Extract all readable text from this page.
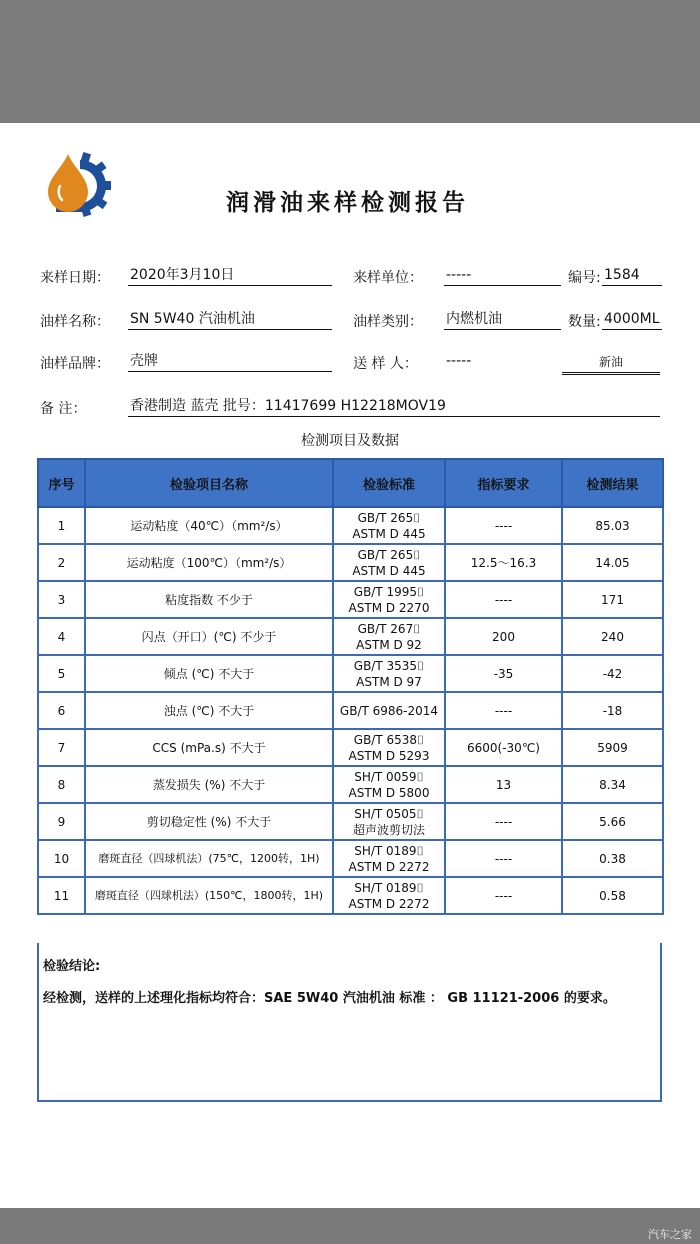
汽车之家
润滑油来样检测报告
来样日期： 2020年3月10日	来样单位： -----	编号: 1584
油样名称： SN 5W40 汽油机油	油样类别： 内燃机油	数量: 4000ML
油样品牌： 壳牌	送 样 人： -----	新油
备 注：	香港制造 蓝壳 批号：11417699 H12218MOV19
检测项目及数据
序号	检验项目名称	检验标准	指标要求	检测结果
1	运动粘度（40℃）（mm²/s）	GB/T 265⌷
ASTM D 445	----	85.03
2	运动粘度（100℃）（mm²/s）	GB/T 265⌷
ASTM D 445	12.5～16.3	14.05
3	粘度指数 不少于	GB/T 1995⌷
ASTM D 2270	----	171
4	闪点（开口）(℃) 不少于	GB/T 267⌷
ASTM D 92	200	240
5	倾点 (℃) 不大于	GB/T 3535⌷
ASTM D 97	-35	-42
6	浊点 (℃) 不大于	GB/T 6986-2014	----	-18
7	CCS (mPa.s) 不大于	GB/T 6538⌷
ASTM D 5293	6600(-30℃)	5909
8	蒸发损失 (%) 不大于	SH/T 0059⌷
ASTM D 5800	13	8.34
9	剪切稳定性 (%) 不大于	SH/T 0505⌷
超声波剪切法	----	5.66
10	磨斑直径（四球机法）(75℃，1200转，1H)	SH/T 0189⌷
ASTM D 2272	----	0.38
11	磨斑直径（四球机法）(150℃，1800转，1H)	SH/T 0189⌷
ASTM D 2272	----	0.58
检验结论:
经检测，送样的上述理化指标均符合：SAE 5W40 汽油机油 标准 ： GB 11121-2006 的要求。
